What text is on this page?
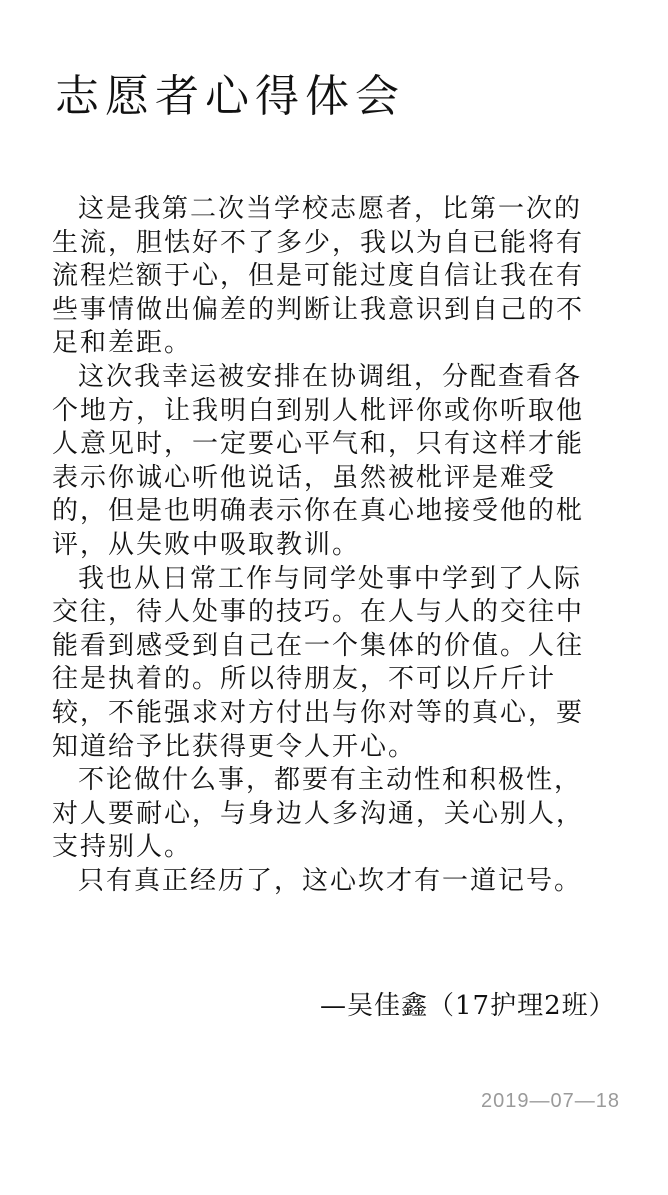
志愿者心得体会

这是我第二次当学校志愿者，比第一次的生流，胆怯好不了多少，我以为自已能将有流程烂额于心，但是可能过度自信让我在有些事情做出偏差的判断让我意识到自己的不足和差距。

这次我幸运被安排在协调组，分配查看各个地方，让我明白到别人枇评你或你听取他人意见时，一定要心平气和，只有这样才能表示你诚心听他说话，虽然被枇评是难受的，但是也明确表示你在真心地接受他的枇评，从失败中吸取教训。

我也从日常工作与同学处事中学到了人际交往，待人处事的技巧。在人与人的交往中能看到感受到自己在一个集体的价值。人往往是执着的。所以待朋友，不可以斤斤计较，不能强求对方付出与你对等的真心，要知道给予比获得更令人开心。

不论做什么事，都要有主动性和积极性，对人要耐心，与身边人多沟通，关心别人，支持别人。

只有真正经历了，这心坎才有一道记号。

—吴佳鑫（17护理2班）
2019—07—18
